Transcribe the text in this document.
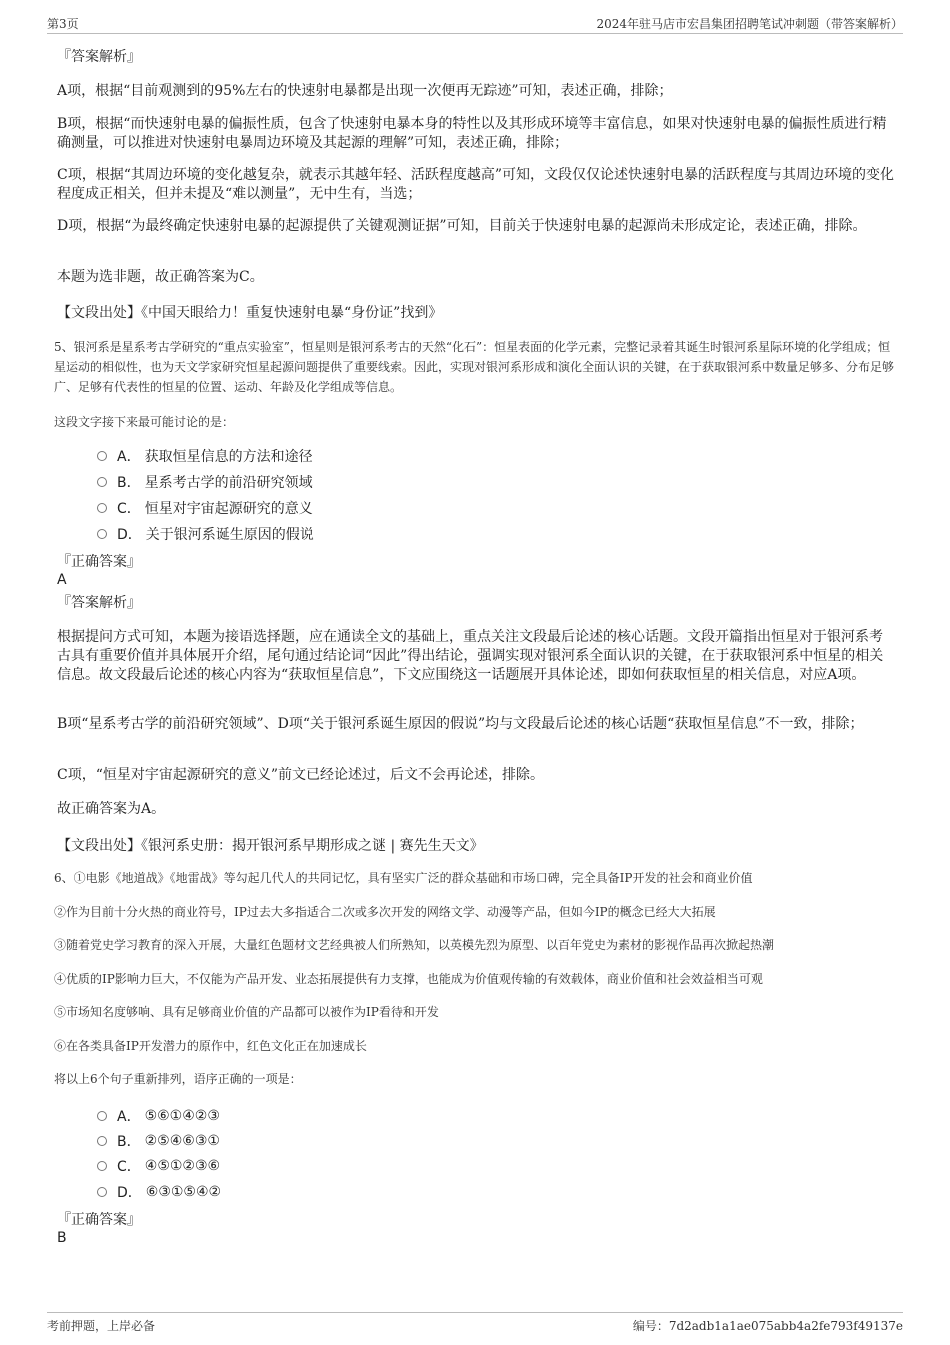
第3页	2024年驻马店市宏昌集团招聘笔试冲刺题（带答案解析）
『答案解析』
A项，根据“目前观测到的95%左右的快速射电暴都是出现一次便再无踪迹”可知，表述正确，排除；
B项，根据“而快速射电暴的偏振性质，包含了快速射电暴本身的特性以及其形成环境等丰富信息，如果对快速射电暴的偏振性质进行精确测量，可以推进对快速射电暴周边环境及其起源的理解”可知，表述正确，排除；
C项，根据“其周边环境的变化越复杂，就表示其越年轻、活跃程度越高”可知，文段仅仅论述快速射电暴的活跃程度与其周边环境的变化程度成正相关，但并未提及“难以测量”，无中生有，当选；
D项，根据“为最终确定快速射电暴的起源提供了关键观测证据”可知，目前关于快速射电暴的起源尚未形成定论，表述正确，排除。
本题为选非题，故正确答案为C。
【文段出处】《中国天眼给力！重复快速射电暴“身份证”找到》
5、银河系是星系考古学研究的“重点实验室”，恒星则是银河系考古的天然“化石”：恒星表面的化学元素，完整记录着其诞生时银河系星际环境的化学组成；恒星运动的相似性，也为天文学家研究恒星起源问题提供了重要线索。因此，实现对银河系形成和演化全面认识的关键，在于获取银河系中数量足够多、分布足够广、足够有代表性的恒星的位置、运动、年龄及化学组成等信息。
这段文字接下来最可能讨论的是：
A． 获取恒星信息的方法和途径
B． 星系考古学的前沿研究领域
C． 恒星对宇宙起源研究的意义
D． 关于银河系诞生原因的假说
『正确答案』
A
『答案解析』
根据提问方式可知，本题为接语选择题，应在通读全文的基础上，重点关注文段最后论述的核心话题。文段开篇指出恒星对于银河系考古具有重要价值并具体展开介绍，尾句通过结论词“因此”得出结论，强调实现对银河系全面认识的关键，在于获取银河系中恒星的相关信息。故文段最后论述的核心内容为“获取恒星信息”，下文应围绕这一话题展开具体论述，即如何获取恒星的相关信息，对应A项。
B项“星系考古学的前沿研究领域”、D项“关于银河系诞生原因的假说”均与文段最后论述的核心话题“获取恒星信息”不一致，排除；
C项，“恒星对宇宙起源研究的意义”前文已经论述过，后文不会再论述，排除。
故正确答案为A。
【文段出处】《银河系史册：揭开银河系早期形成之谜 | 赛先生天文》
6、①电影《地道战》《地雷战》等勾起几代人的共同记忆，具有坚实广泛的群众基础和市场口碑，完全具备IP开发的社会和商业价值
②作为目前十分火热的商业符号，IP过去大多指适合二次或多次开发的网络文学、动漫等产品，但如今IP的概念已经大大拓展
③随着党史学习教育的深入开展，大量红色题材文艺经典被人们所熟知，以英模先烈为原型、以百年党史为素材的影视作品再次掀起热潮
④优质的IP影响力巨大，不仅能为产品开发、业态拓展提供有力支撑，也能成为价值观传输的有效载体，商业价值和社会效益相当可观
⑤市场知名度够响、具有足够商业价值的产品都可以被作为IP看待和开发
⑥在各类具备IP开发潜力的原作中，红色文化正在加速成长
将以上6个句子重新排列，语序正确的一项是：
A． ⑤⑥①④②③
B． ②⑤④⑥③①
C． ④⑤①②③⑥
D． ⑥③①⑤④②
『正确答案』
B
考前押题，上岸必备	编号：7d2adb1a1ae075abb4a2fe793f49137e
